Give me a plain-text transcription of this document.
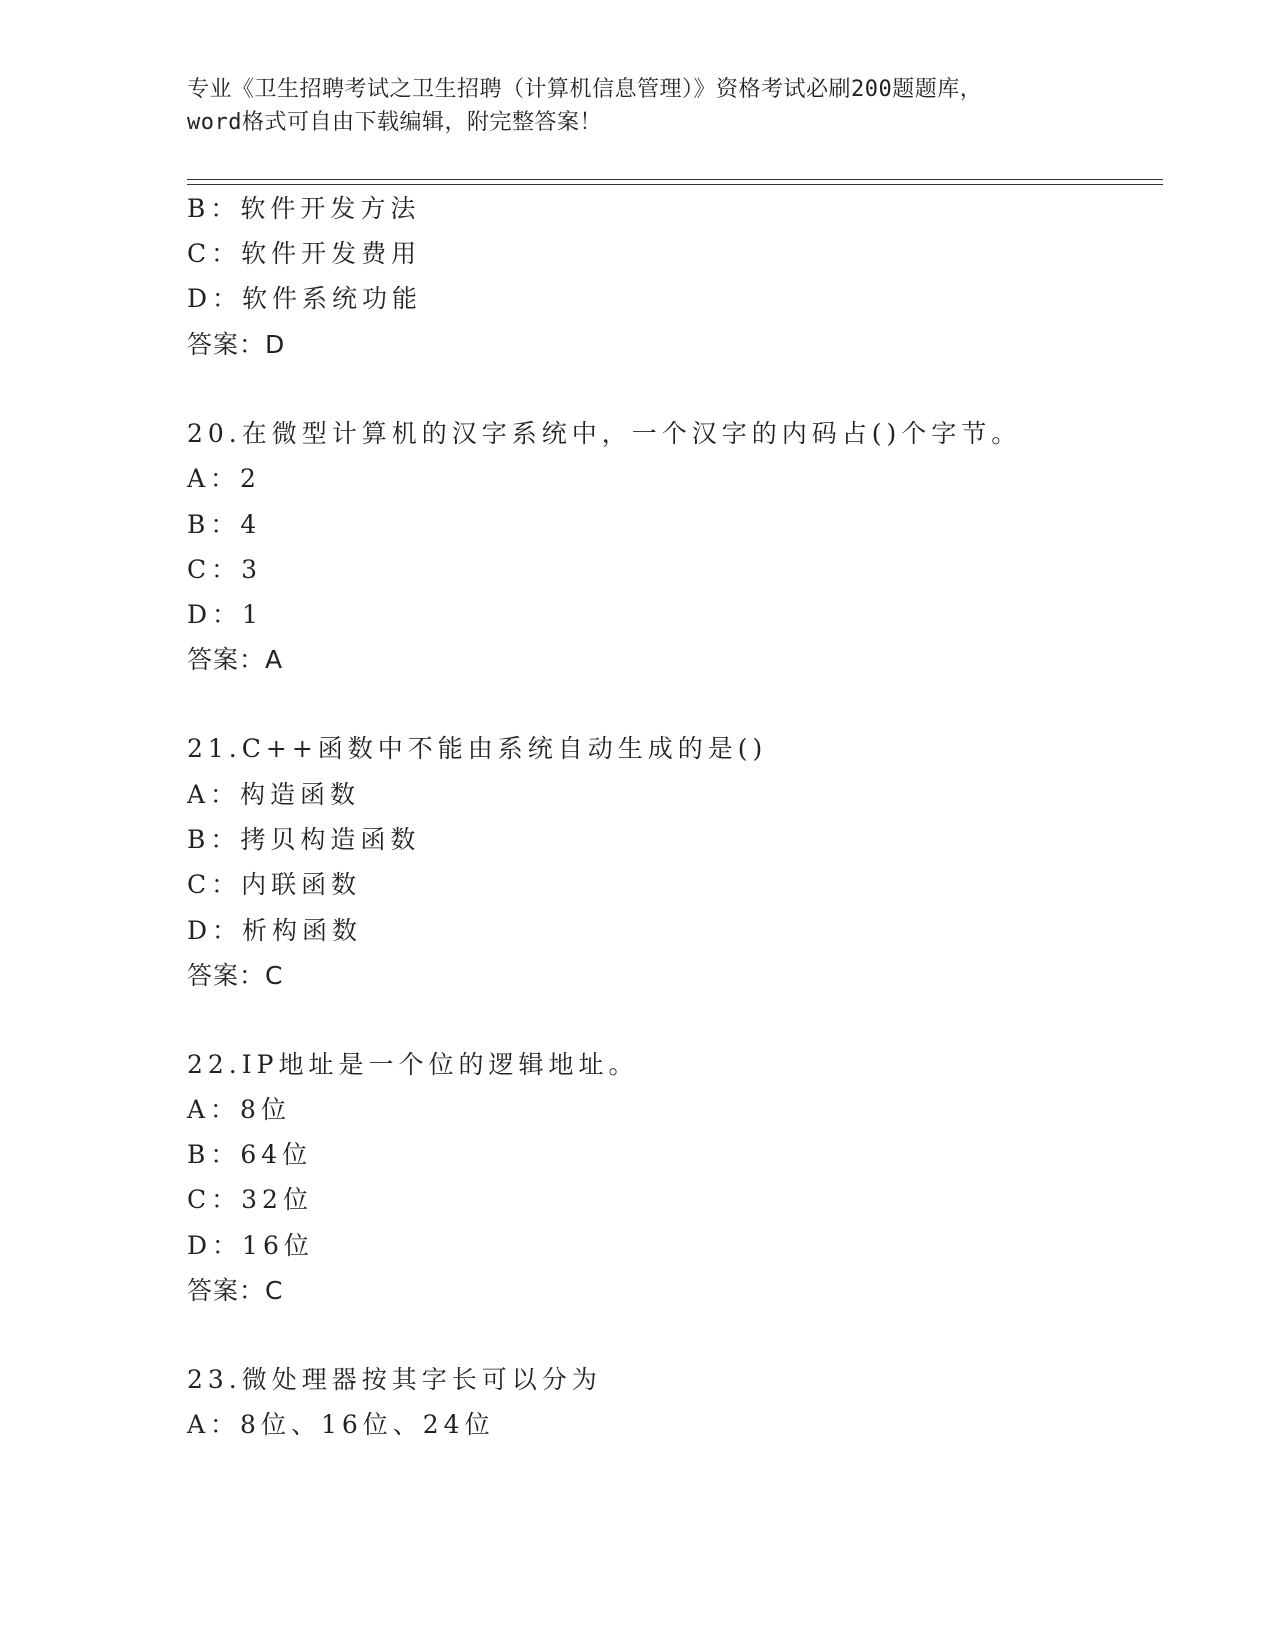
专业《卫生招聘考试之卫生招聘（计算机信息管理）》资格考试必刷200题题库，
word格式可自由下载编辑，附完整答案！
B：软件开发方法
C：软件开发费用
D：软件系统功能
答案：D
20.在微型计算机的汉字系统中，一个汉字的内码占()个字节。
A：2
B：4
C：3
D：1
答案：A
21.C++函数中不能由系统自动生成的是()
A：构造函数
B：拷贝构造函数
C：内联函数
D：析构函数
答案：C
22.IP地址是一个位的逻辑地址。
A：8位
B：64位
C：32位
D：16位
答案：C
23.微处理器按其字长可以分为
A：8位、16位、24位
